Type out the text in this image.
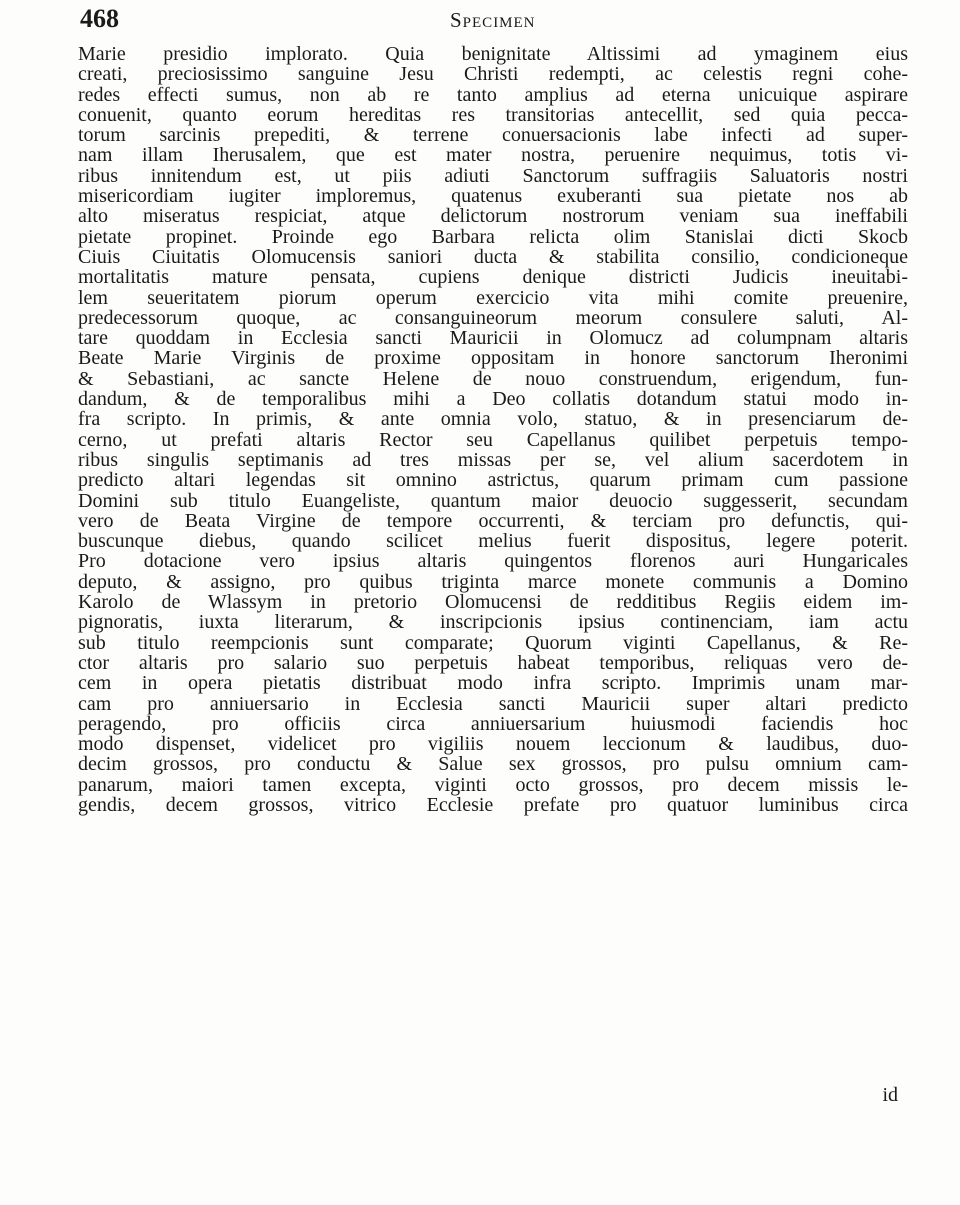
468	Specimen
Marie presidio implorato. Quia benignitate Altissimi ad ymaginem eius
creati, preciosissimo sanguine Jesu Christi redempti, ac celestis regni cohe-
redes effecti sumus, non ab re tanto amplius ad eterna unicuique aspirare
conuenit, quanto eorum hereditas res transitorias antecellit, sed quia pecca-
torum sarcinis prepediti, & terrene conuersacionis labe infecti ad super-
nam illam Iherusalem, que est mater nostra, peruenire nequimus, totis vi-
ribus innitendum est, ut piis adiuti Sanctorum suffragiis Saluatoris nostri
misericordiam iugiter imploremus, quatenus exuberanti sua pietate nos ab
alto miseratus respiciat, atque delictorum nostrorum veniam sua ineffabili
pietate propinet. Proinde ego Barbara relicta olim Stanislai dicti Skocb
Ciuis Ciuitatis Olomucensis saniori ducta & stabilita consilio, condicioneque
mortalitatis mature pensata, cupiens denique districti Judicis ineuitabi-
lem seueritatem piorum operum exercicio vita mihi comite preuenire,
predecessorum quoque, ac consanguineorum meorum consulere saluti, Al-
tare quoddam in Ecclesia sancti Mauricii in Olomucz ad columpnam altaris
Beate Marie Virginis de proxime oppositam in honore sanctorum Iheronimi
& Sebastiani, ac sancte Helene de nouo construendum, erigendum, fun-
dandum, & de temporalibus mihi a Deo collatis dotandum statui modo in-
fra scripto. In primis, & ante omnia volo, statuo, & in presenciarum de-
cerno, ut prefati altaris Rector seu Capellanus quilibet perpetuis tempo-
ribus singulis septimanis ad tres missas per se, vel alium sacerdotem in
predicto altari legendas sit omnino astrictus, quarum primam cum passione
Domini sub titulo Euangeliste, quantum maior deuocio suggesserit, secundam
vero de Beata Virgine de tempore occurrenti, & terciam pro defunctis, qui-
buscunque diebus, quando scilicet melius fuerit dispositus, legere poterit.
Pro dotacione vero ipsius altaris quingentos florenos auri Hungaricales
deputo, & assigno, pro quibus triginta marce monete communis a Domino
Karolo de Wlassym in pretorio Olomucensi de redditibus Regiis eidem im-
pignoratis, iuxta literarum, & inscripcionis ipsius continenciam, iam actu
sub titulo reempcionis sunt comparate; Quorum viginti Capellanus, & Re-
ctor altaris pro salario suo perpetuis habeat temporibus, reliquas vero de-
cem in opera pietatis distribuat modo infra scripto. Imprimis unam mar-
cam pro anniuersario in Ecclesia sancti Mauricii super altari predicto
peragendo, pro officiis circa anniuersarium huiusmodi faciendis hoc
modo dispenset, videlicet pro vigiliis nouem leccionum & laudibus, duo-
decim grossos, pro conductu & Salue sex grossos, pro pulsu omnium cam-
panarum, maiori tamen excepta, viginti octo grossos, pro decem missis le-
gendis, decem grossos, vitrico Ecclesie prefate pro quatuor luminibus circa
id
